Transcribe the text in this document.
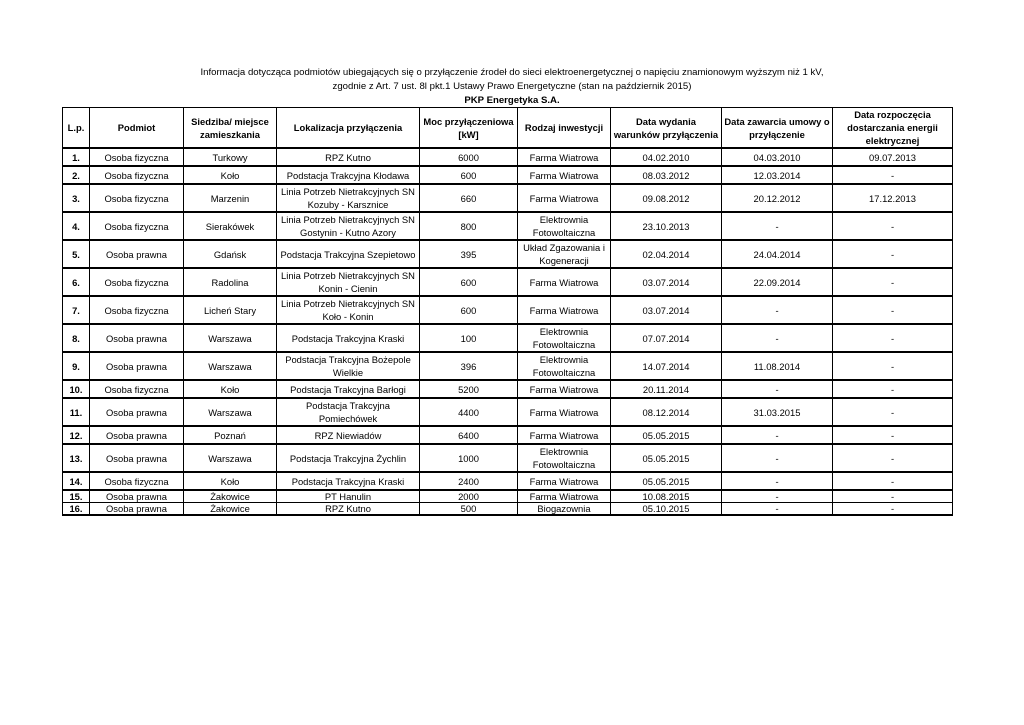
Informacja dotycząca podmiotów ubiegających się o przyłączenie źrodeł do sieci elektroenergetycznej o napięciu znamionowym wyższym niż 1 kV,
zgodnie z Art. 7 ust. 8l pkt.1 Ustawy Prawo Energetyczne (stan na październik 2015)
PKP Energetyka S.A.
L.p.	Podmiot	Siedziba/ miejsce zamieszkania	Lokalizacja przyłączenia	Moc przyłączeniowa [kW]	Rodzaj inwestycji	Data wydania warunków przyłączenia	Data zawarcia umowy o przyłączenie	Data rozpoczęcia dostarczania energii elektrycznej
1.	Osoba fizyczna	Turkowy	RPZ Kutno	6000	Farma Wiatrowa	04.02.2010	04.03.2010	09.07.2013
2.	Osoba fizyczna	Koło	Podstacja Trakcyjna Kłodawa	600	Farma Wiatrowa	08.03.2012	12.03.2014	-
3.	Osoba fizyczna	Marzenin	Linia Potrzeb Nietrakcyjnych SN Kozuby - Karsznice	660	Farma Wiatrowa	09.08.2012	20.12.2012	17.12.2013
4.	Osoba fizyczna	Sierakówek	Linia Potrzeb Nietrakcyjnych SN Gostynin - Kutno Azory	800	Elektrownia Fotowoltaiczna	23.10.2013	-	-
5.	Osoba prawna	Gdańsk	Podstacja Trakcyjna Szepietowo	395	Układ Zgazowania i Kogeneracji	02.04.2014	24.04.2014	-
6.	Osoba fizyczna	Radolina	Linia Potrzeb Nietrakcyjnych SN Konin - Cienin	600	Farma Wiatrowa	03.07.2014	22.09.2014	-
7.	Osoba fizyczna	Licheń Stary	Linia Potrzeb Nietrakcyjnych SN Koło - Konin	600	Farma Wiatrowa	03.07.2014	-	-
8.	Osoba prawna	Warszawa	Podstacja Trakcyjna Kraski	100	Elektrownia Fotowoltaiczna	07.07.2014	-	-
9.	Osoba prawna	Warszawa	Podstacja Trakcyjna Bożepole Wielkie	396	Elektrownia Fotowoltaiczna	14.07.2014	11.08.2014	-
10.	Osoba fizyczna	Koło	Podstacja Trakcyjna Barłogi	5200	Farma Wiatrowa	20.11.2014	-	-
11.	Osoba prawna	Warszawa	Podstacja Trakcyjna Pomiechówek	4400	Farma Wiatrowa	08.12.2014	31.03.2015	-
12.	Osoba prawna	Poznań	RPZ Niewiadów	6400	Farma Wiatrowa	05.05.2015	-	-
13.	Osoba prawna	Warszawa	Podstacja Trakcyjna Żychlin	1000	Elektrownia Fotowoltaiczna	05.05.2015	-	-
14.	Osoba fizyczna	Koło	Podstacja Trakcyjna Kraski	2400	Farma Wiatrowa	05.05.2015	-	-
15.	Osoba prawna	Żakowice	PT Hanulin	2000	Farma Wiatrowa	10.08.2015	-	-
16.	Osoba prawna	Żakowice	RPZ Kutno	500	Biogazownia	05.10.2015	-	-
